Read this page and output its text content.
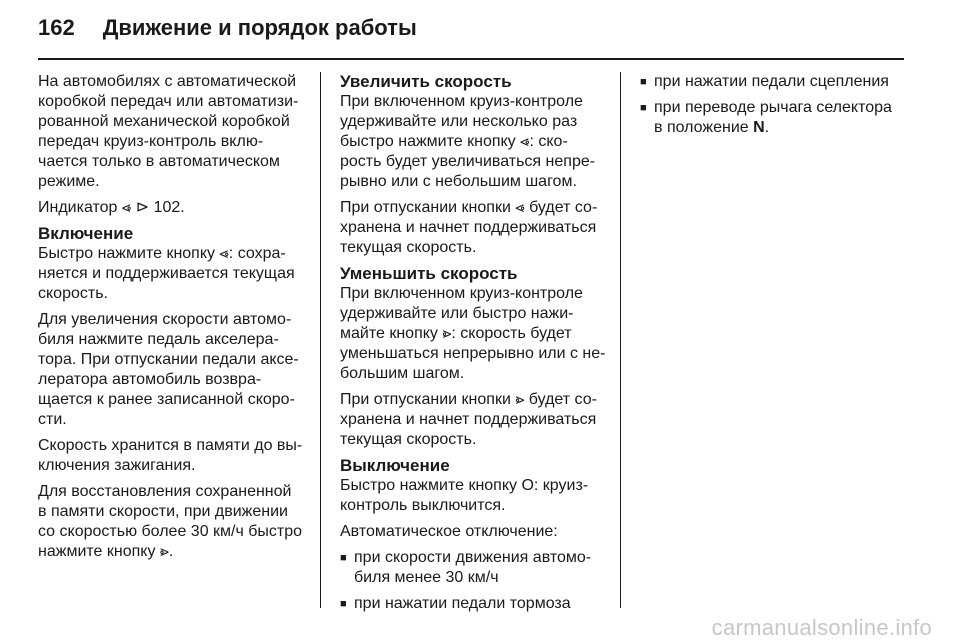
162 Движение и порядок работы

На автомобилях с автоматической
коробкой передач или автоматизи-
рованной механической коробкой
передач круиз-контроль вклю-
чается только в автоматическом
режиме.

Индикатор ⩹ ⊳ 102.

Включение

Быстро нажмите кнопку ⩹: сохра-
няется и поддерживается текущая
скорость.

Для увеличения скорости автомо-
биля нажмите педаль акселера-
тора. При отпускании педали аксе-
лератора автомобиль возвра-
щается к ранее записанной скоро-
сти.

Скорость хранится в памяти до вы-
ключения зажигания.

Для восстановления сохраненной
в памяти скорости, при движении
со скоростью более 30 км/ч быстро
нажмите кнопку ⩺.

Увеличить скорость

При включенном круиз-контроле
удерживайте или несколько раз
быстро нажмите кнопку ⩹: ско-
рость будет увеличиваться непре-
рывно или с небольшим шагом.

При отпускании кнопки ⩹ будет со-
хранена и начнет поддерживаться
текущая скорость.

Уменьшить скорость

При включенном круиз-контроле
удерживайте или быстро нажи-
майте кнопку ⩺: скорость будет
уменьшаться непрерывно или с не-
большим шагом.

При отпускании кнопки ⩺ будет со-
хранена и начнет поддерживаться
текущая скорость.

Выключение

Быстро нажмите кнопку O: круиз-
контроль выключится.

Автоматическое отключение:

■ при скорости движения автомо-
биля менее 30 км/ч
■ при нажатии педали тормоза
■ при нажатии педали сцепления
■ при переводе рычага селектора
в положение N.
carmanualsonline.info
